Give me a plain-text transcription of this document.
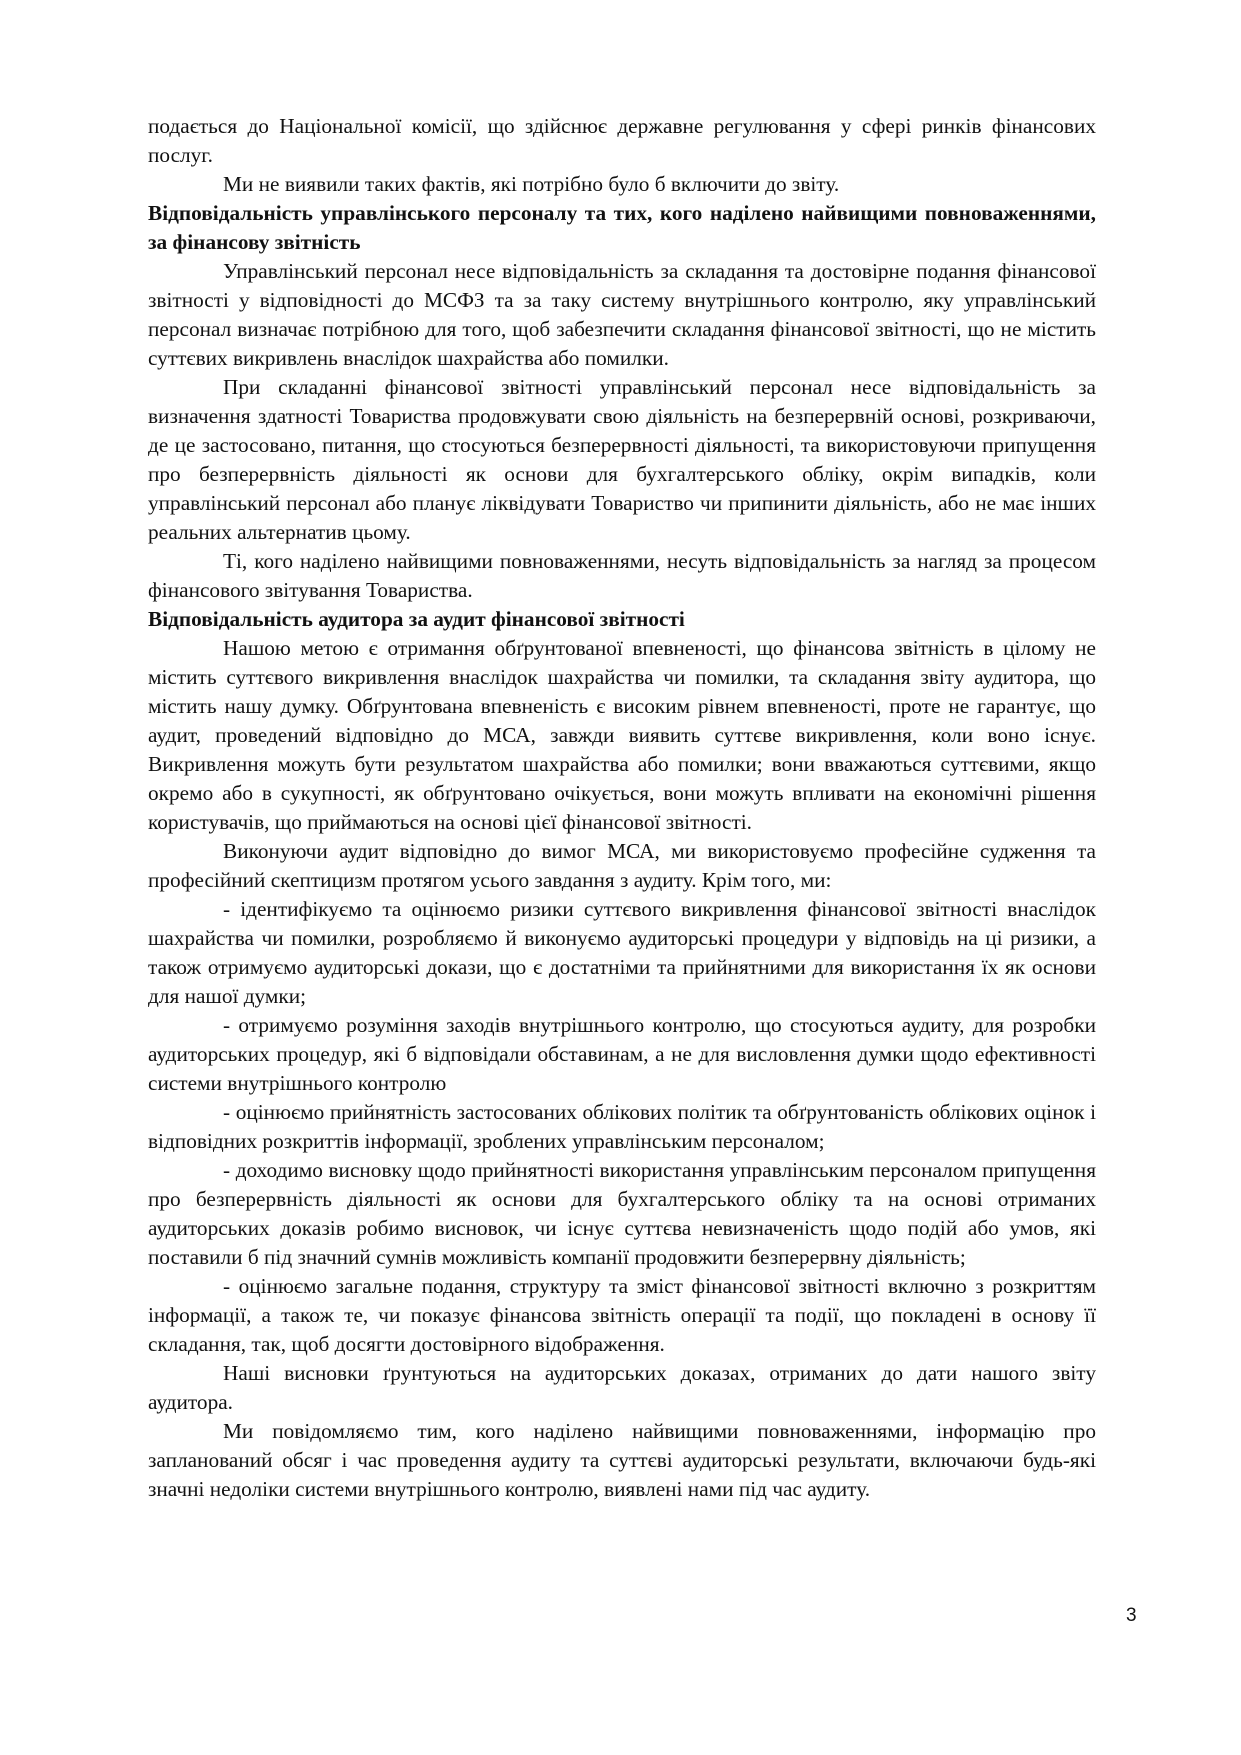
подається до Національної комісії, що здійснює державне регулювання у сфері ринків фінансових послуг.

Ми не виявили таких фактів, які потрібно було б включити до звіту.

Відповідальність управлінського персоналу та тих, кого наділено найвищими повноваженнями, за фінансову звітність

Управлінський персонал несе відповідальність за складання та достовірне подання фінансової звітності у відповідності до МСФЗ та за таку систему внутрішнього контролю, яку управлінський персонал визначає потрібною для того, щоб забезпечити складання фінансової звітності, що не містить суттєвих викривлень внаслідок шахрайства або помилки.

При складанні фінансової звітності управлінський персонал несе відповідальність за визначення здатності Товариства продовжувати свою діяльність на безперервній основі, розкриваючи, де це застосовано, питання, що стосуються безперервності діяльності, та використовуючи припущення про безперервність діяльності як основи для бухгалтерського обліку, окрім випадків, коли управлінський персонал або планує ліквідувати Товариство чи припинити діяльність, або не має інших реальних альтернатив цьому.

Ті, кого наділено найвищими повноваженнями, несуть відповідальність за нагляд за процесом фінансового звітування Товариства.

Відповідальність аудитора за аудит фінансової звітності

Нашою метою є отримання обґрунтованої впевненості, що фінансова звітність в цілому не містить суттєвого викривлення внаслідок шахрайства чи помилки, та складання звіту аудитора, що містить нашу думку. Обґрунтована впевненість є високим рівнем впевненості, проте не гарантує, що аудит, проведений відповідно до МСА, завжди виявить суттєве викривлення, коли воно існує. Викривлення можуть бути результатом шахрайства або помилки; вони вважаються суттєвими, якщо окремо або в сукупності, як обґрунтовано очікується, вони можуть впливати на економічні рішення користувачів, що приймаються на основі цієї фінансової звітності.

Виконуючи аудит відповідно до вимог МСА, ми використовуємо професійне судження та професійний скептицизм протягом усього завдання з аудиту. Крім того, ми:

- ідентифікуємо та оцінюємо ризики суттєвого викривлення фінансової звітності внаслідок шахрайства чи помилки, розробляємо й виконуємо аудиторські процедури у відповідь на ці ризики, а також отримуємо аудиторські докази, що є достатніми та прийнятними для використання їх як основи для нашої думки;

- отримуємо розуміння заходів внутрішнього контролю, що стосуються аудиту, для розробки аудиторських процедур, які б відповідали обставинам, а не для висловлення думки щодо ефективності системи внутрішнього контролю

- оцінюємо прийнятність застосованих облікових політик та обґрунтованість облікових оцінок і відповідних розкриттів інформації, зроблених управлінським персоналом;

- доходимо висновку щодо прийнятності використання управлінським персоналом припущення про безперервність діяльності як основи для бухгалтерського обліку та на основі отриманих аудиторських доказів робимо висновок, чи існує суттєва невизначеність щодо подій або умов, які поставили б під значний сумнів можливість компанії продовжити безперервну діяльність;

- оцінюємо загальне подання, структуру та зміст фінансової звітності включно з розкриттям інформації, а також те, чи показує фінансова звітність операції та події, що покладені в основу її складання, так, щоб досягти достовірного відображення.

Наші висновки ґрунтуються на аудиторських доказах, отриманих до дати нашого звіту аудитора.

Ми повідомляємо тим, кого наділено найвищими повноваженнями, інформацію про запланований обсяг і час проведення аудиту та суттєві аудиторські результати, включаючи будь-які значні недоліки системи внутрішнього контролю, виявлені нами під час аудиту.

3
